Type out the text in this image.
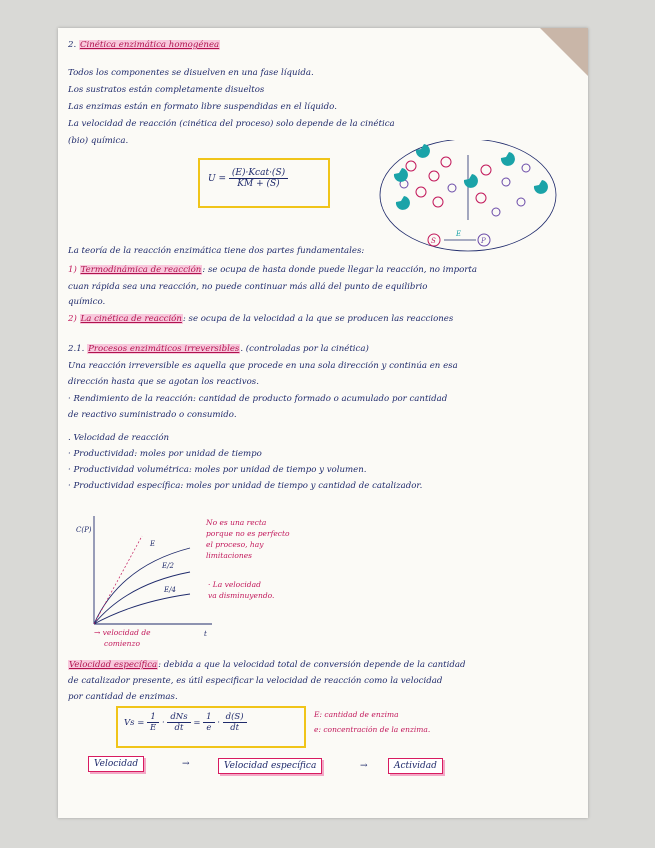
2. Cinética enzimática homogénea
Todos los componentes se disuelven en una fase líquida.
Los sustratos están completamente disueltos
Las enzimas están en formato libre suspendidas en el líquido.
La velocidad de reacción (cinética del proceso) solo depende de la cinética
(bio) química.
$U = \frac{\text{(E)·Kcat·(S)}}{KM + (S)}$
S
E
P
La teoría de la reacción enzimática tiene dos partes fundamentales:
1) Termodinámica de reacción: se ocupa de hasta donde puede llegar la reacción, no importa
cuan rápida sea una reacción, no puede continuar más allá del punto de equilibrio
químico.
2) La cinética de reacción: se ocupa de la velocidad a la que se producen las reacciones
2.1. Procesos enzimáticos irreversibles. (controladas por la cinética)
Una reacción irreversible es aquella que procede en una sola dirección y continúa en esa
dirección hasta que se agotan los reactivos.
· Rendimiento de la reacción: cantidad de producto formado o acumulado por cantidad
de reactivo suministrado o consumido.
. Velocidad de reacción
· Productividad: moles por unidad de tiempo
· Productividad volumétrica: moles por unidad de tiempo y volumen.
· Productividad específica: moles por unidad de tiempo y cantidad de catalizador.
C(P)
t
E
E/2
E/4
No es una recta
porque no es perfecto
el proceso, hay
limitaciones
· La velocidad
va disminuyendo.
→ velocidad de
comienzo
Velocidad específica: debida a que la velocidad total de conversión depende de la cantidad
de catalizador presente, es útil especificar la velocidad de reacción como la velocidad
por cantidad de enzimas.
$Vs = \frac{1}{E} \cdot \frac{\text{dNs}}{dt} = \frac{1}{e} \cdot \frac{d(S)}{dt}$	E: cantidad de enzima
e: concentración de la enzima.
Velocidad	→	Velocidad específica	→	Actividad
